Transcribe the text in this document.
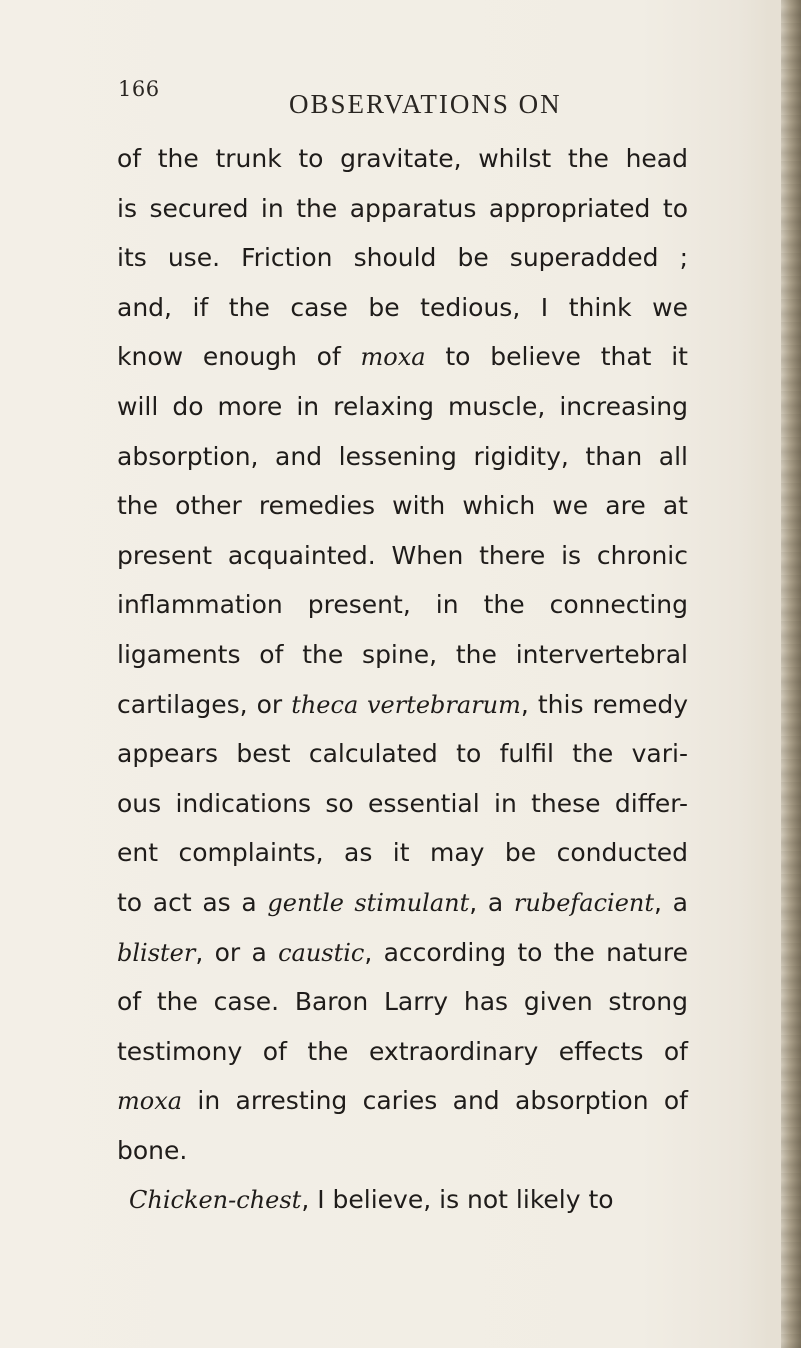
166	OBSERVATIONS ON
of the trunk to gravitate, whilst the head
is secured in the apparatus appropriated to
its use. Friction should be superadded ;
and, if the case be tedious, I think we
know enough of moxa to believe that it
will do more in relaxing muscle, increasing
absorption, and lessening rigidity, than all
the other remedies with which we are at
present acquainted. When there is chronic
inflammation present, in the connecting
ligaments of the spine, the intervertebral
cartilages, or theca vertebrarum, this remedy
appears best calculated to fulfil the vari-
ous indications so essential in these differ-
ent complaints, as it may be conducted
to act as a gentle stimulant, a rubefacient, a
blister, or a caustic, according to the nature
of the case. Baron Larry has given strong
testimony of the extraordinary effects of
moxa in arresting caries and absorption of
bone.
Chicken-chest, I believe, is not likely to
